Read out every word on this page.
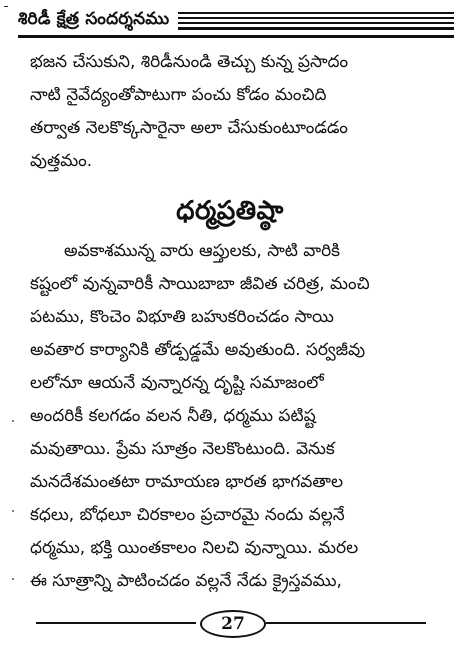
శిరిడీ క్షేత్ర సందర్శనము
భజన చేసుకుని, శిరిడీనుండి తెచ్చు కున్న ప్రసాదం
నాటి నైవేద్యంతోపాటుగా పంచు కోడం మంచిది
తర్వాత నెలకొక్కసారైనా అలా చేసుకుంటూండడం
వుత్తమం.
ధర్మప్రతిష్ఠా
అవకాశమున్న వారు ఆప్తులకు, సాటి వారికి
కష్టంలో వున్నవారికీ సాయిబాబా జీవిత చరిత్ర, మంచి
పటము, కొంచెం విభూతి బహుకరించడం సాయి
అవతార కార్యానికి తోడ్పడ్డమే అవుతుంది. సర్వజీవు
లలోనూ ఆయనే వున్నారన్న దృష్టి సమాజంలో
అందరికీ కలగడం వలన నీతి, ధర్మము పటిష్ట
మవుతాయి. ప్రేమ సూత్రం నెలకొంటుంది. వెనుక
మనదేశమంతటా రామాయణ భారత భాగవతాల
కధలు, బోధలూ చిరకాలం ప్రచారమై నందు వల్లనే
ధర్మము, భక్తి యింతకాలం నిలచి వున్నాయి. మరల
ఈ సూత్రాన్ని పాటించడం వల్లనే నేడు క్రైస్తవము,
27
